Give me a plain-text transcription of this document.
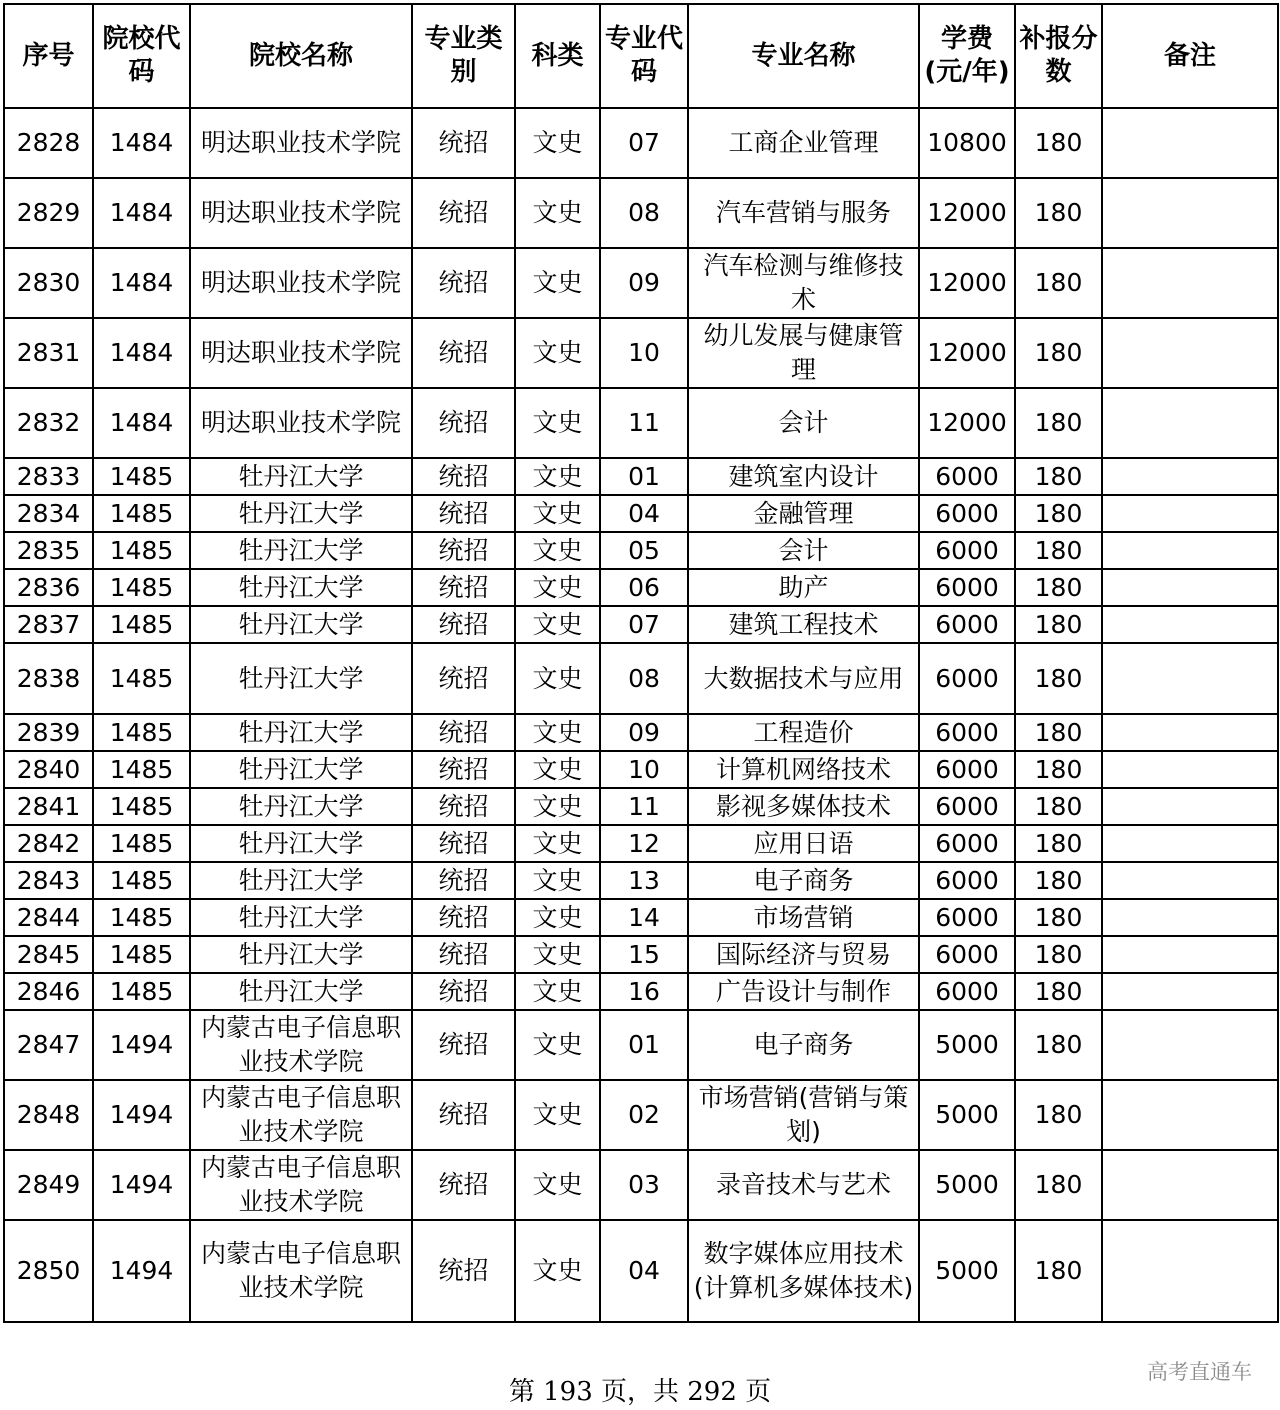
序号	院校代码	院校名称	专业类别	科类	专业代码	专业名称	学费(元/年)	补报分数	备注
2828	1484	明达职业技术学院	统招	文史	07	工商企业管理	10800	180	
2829	1484	明达职业技术学院	统招	文史	08	汽车营销与服务	12000	180	
2830	1484	明达职业技术学院	统招	文史	09	汽车检测与维修技术	12000	180	
2831	1484	明达职业技术学院	统招	文史	10	幼儿发展与健康管理	12000	180	
2832	1484	明达职业技术学院	统招	文史	11	会计	12000	180	
2833	1485	牡丹江大学	统招	文史	01	建筑室内设计	6000	180	
2834	1485	牡丹江大学	统招	文史	04	金融管理	6000	180	
2835	1485	牡丹江大学	统招	文史	05	会计	6000	180	
2836	1485	牡丹江大学	统招	文史	06	助产	6000	180	
2837	1485	牡丹江大学	统招	文史	07	建筑工程技术	6000	180	
2838	1485	牡丹江大学	统招	文史	08	大数据技术与应用	6000	180	
2839	1485	牡丹江大学	统招	文史	09	工程造价	6000	180	
2840	1485	牡丹江大学	统招	文史	10	计算机网络技术	6000	180	
2841	1485	牡丹江大学	统招	文史	11	影视多媒体技术	6000	180	
2842	1485	牡丹江大学	统招	文史	12	应用日语	6000	180	
2843	1485	牡丹江大学	统招	文史	13	电子商务	6000	180	
2844	1485	牡丹江大学	统招	文史	14	市场营销	6000	180	
2845	1485	牡丹江大学	统招	文史	15	国际经济与贸易	6000	180	
2846	1485	牡丹江大学	统招	文史	16	广告设计与制作	6000	180	
2847	1494	内蒙古电子信息职业技术学院	统招	文史	01	电子商务	5000	180	
2848	1494	内蒙古电子信息职业技术学院	统招	文史	02	市场营销(营销与策划)	5000	180	
2849	1494	内蒙古电子信息职业技术学院	统招	文史	03	录音技术与艺术	5000	180	
2850	1494	内蒙古电子信息职业技术学院	统招	文史	04	数字媒体应用技术(计算机多媒体技术)	5000	180	
第 193 页，共 292 页
高考直通车
